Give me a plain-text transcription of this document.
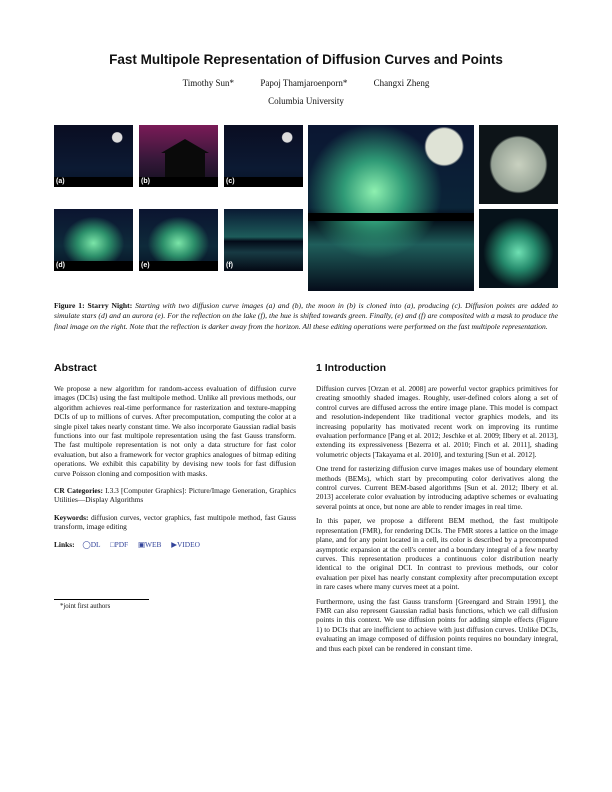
Fast Multipole Representation of Diffusion Curves and Points
Timothy Sun*	Papoj Thamjaroenporn*	Changxi Zheng
Columbia University
(a)	(b)	(c)
(d)	(e)	(f)
Figure 1: Starry Night: Starting with two diffusion curve images (a) and (b), the moon in (b) is cloned into (a), producing (c). Diffusion points are added to simulate stars (d) and an aurora (e). For the reflection on the lake (f), the hue is shifted towards green. Finally, (e) and (f) are composited with a mask to produce the final image on the right. Note that the reflection is darker away from the horizon. All these editing operations were performed on the fast multipole representation.
Abstract

We propose a new algorithm for random-access evaluation of diffusion curve images (DCIs) using the fast multipole method. Unlike all previous methods, our algorithm achieves real-time performance for rasterization and texture-mapping DCIs of up to millions of curves. After precomputation, computing the color at a single pixel takes nearly constant time. We also incorporate Gaussian radial basis functions into our fast multipole representation using the fast Gauss transform. The fast multipole representation is not only a data structure for fast color evaluation, but also a framework for vector graphics analogues of bitmap editing operations. We exhibit this capability by devising new tools for fast diffusion curve Poisson cloning and composition with masks.

CR Categories: I.3.3 [Computer Graphics]: Picture/Image Generation, Graphics Utilities—Display Algorithms

Keywords: diffusion curves, vector graphics, fast multipole method, fast Gauss transform, image editing

Links: ◯DL □PDF ▣WEB ▶VIDEO

*joint first authors
1 Introduction

Diffusion curves [Orzan et al. 2008] are powerful vector graphics primitives for creating smoothly shaded images. Roughly, user-defined colors along a set of control curves are diffused across the entire image plane. This model is compact and resolution-independent like traditional vector graphics models, and its increasing popularity has motivated recent work on improving its runtime evaluation performance [Pang et al. 2012; Jeschke et al. 2009; Ilbery et al. 2013], extending its expressiveness [Bezerra et al. 2010; Finch et al. 2011], shading volumetric objects [Takayama et al. 2010], and texturing [Sun et al. 2012].

One trend for rasterizing diffusion curve images makes use of boundary element methods (BEMs), which start by precomputing color derivatives along the control curves. Current BEM-based algorithms [Sun et al. 2012; Ilbery et al. 2013] accelerate color evaluation by introducing adaptive schemes or evaluating several points at once, but none are able to render images in real time.

In this paper, we propose a different BEM method, the fast multipole representation (FMR), for rendering DCIs. The FMR stores a lattice on the image plane, and for any point located in a cell, its color is described by a precomputed asymptotic expansion at the cell's center and a boundary integral of a few nearby curves. This representation produces a continuous color distribution nearly identical to the original DCI. In contrast to previous methods, our color evaluation per pixel has nearly constant complexity after precomputation except in rare cases where many curves meet at a point.

Furthermore, using the fast Gauss transform [Greengard and Strain 1991], the FMR can also represent Gaussian radial basis functions, which we call diffusion points in this context. We use diffusion points for adding simple effects (Figure 1) to DCIs that are inefficient to achieve with just diffusion curves. Unlike DCIs, evaluating an image composed of diffusion points requires no boundary integral, and thus each pixel can be rendered in constant time.
